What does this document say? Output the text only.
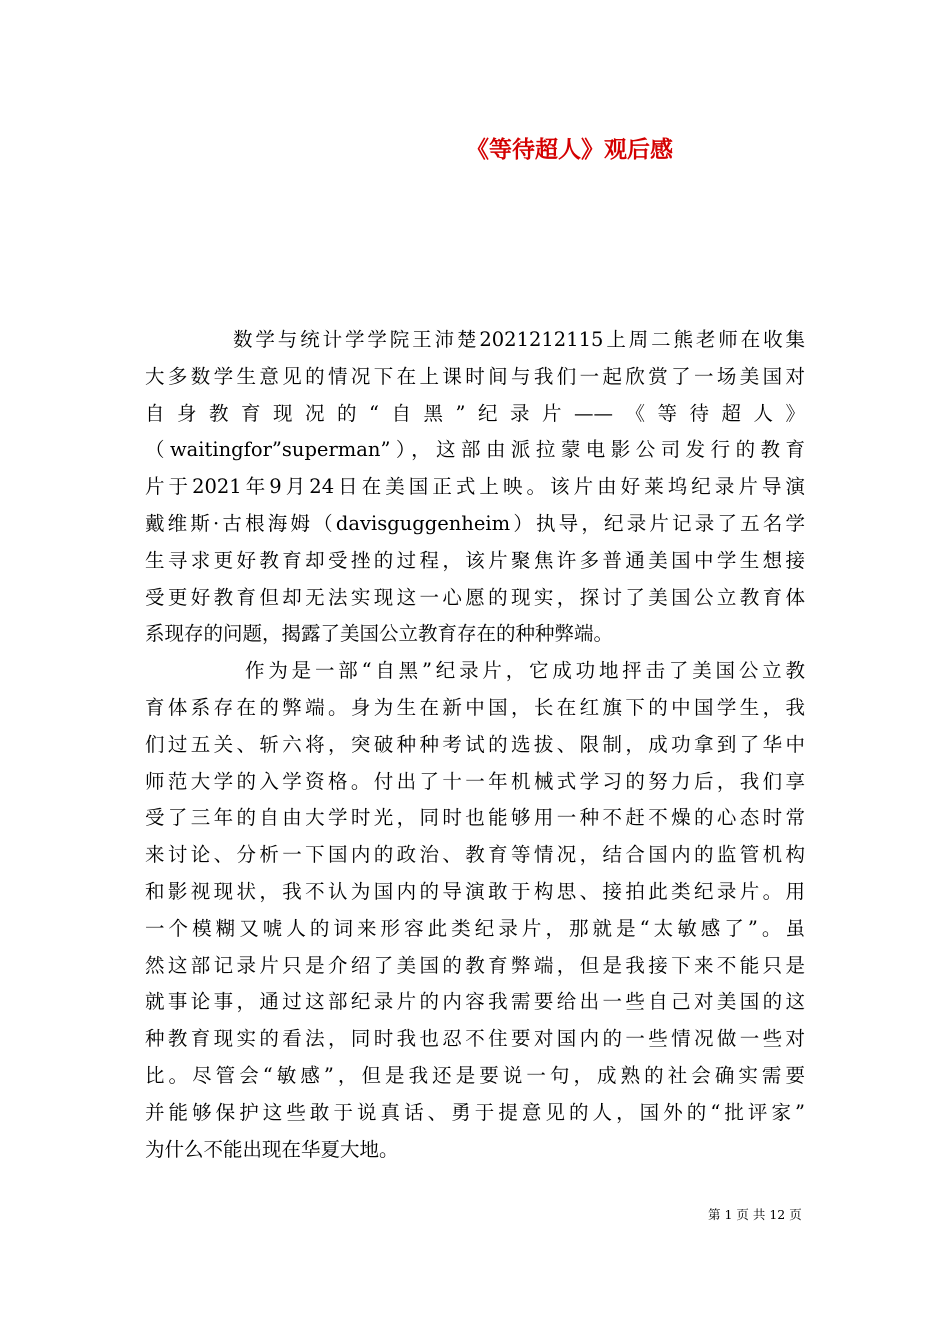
《等待超人》观后感
数学与统计学学院王沛楚2021212115上周二熊老师在收集
大多数学生意见的情况下在上课时间与我们一起欣赏了一场美国对
自身教育现况的“自黑”纪录片——《等待超人》
（waitingfor”superman”），这部由派拉蒙电影公司发行的教育
片于2021年9月24日在美国正式上映。该片由好莱坞纪录片导演
戴维斯·古根海姆（davisguggenheim）执导，纪录片记录了五名学
生寻求更好教育却受挫的过程，该片聚焦许多普通美国中学生想接
受更好教育但却无法实现这一心愿的现实，探讨了美国公立教育体
系现存的问题，揭露了美国公立教育存在的种种弊端。
作为是一部“自黑”纪录片，它成功地抨击了美国公立教
育体系存在的弊端。身为生在新中国，长在红旗下的中国学生，我
们过五关、斩六将，突破种种考试的选拔、限制，成功拿到了华中
师范大学的入学资格。付出了十一年机械式学习的努力后，我们享
受了三年的自由大学时光，同时也能够用一种不赶不燥的心态时常
来讨论、分析一下国内的政治、教育等情况，结合国内的监管机构
和影视现状，我不认为国内的导演敢于构思、接拍此类纪录片。用
一个模糊又唬人的词来形容此类纪录片，那就是“太敏感了”。虽
然这部记录片只是介绍了美国的教育弊端，但是我接下来不能只是
就事论事，通过这部纪录片的内容我需要给出一些自己对美国的这
种教育现实的看法，同时我也忍不住要对国内的一些情况做一些对
比。尽管会“敏感”，但是我还是要说一句，成熟的社会确实需要
并能够保护这些敢于说真话、勇于提意见的人，国外的“批评家”
为什么不能出现在华夏大地。
第 1 页 共 12 页
